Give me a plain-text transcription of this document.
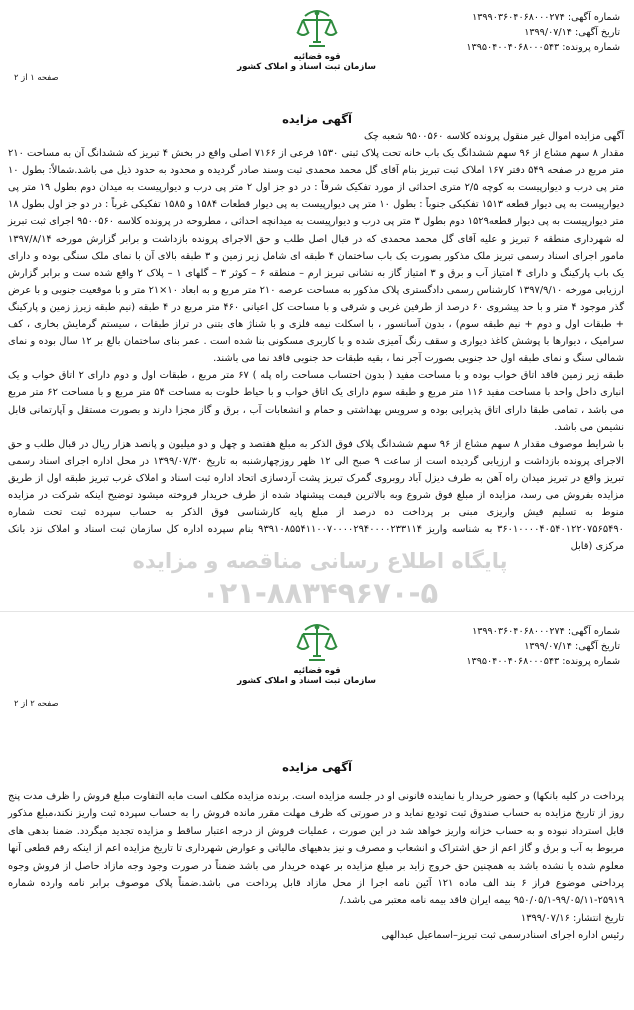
شماره آگهی: ۱۳۹۹۰۳۶۰۴۰۶۸۰۰۰۲۷۴
تاریخ آگهی: ۱۳۹۹/۰۷/۱۴
شماره پرونده: ۱۳۹۵۰۴۰۰۴۰۶۸۰۰۰۵۴۳
قوه قضائیه
سازمان ثبت اسناد و املاک کشور
صفحه ۱ از ۲
آگهی مزایده

آگهی مزایده اموال غیر منقول پرونده کلاسه ۹۵۰۰۵۶۰ شعبه چک

مقدار ۸ سهم مشاع از ۹۶ سهم ششدانگ یک باب خانه تحت پلاک ثبتی ۱۵۳۰ فرعی از ۷۱۶۶ اصلی واقع در بخش ۴ تبریز که ششدانگ آن به مساحت ۲۱۰ متر مربع در صفحه ۵۴۹ دفتر ۱۶۷ املاک ثبت تبریز بنام آقای گل محمد محمدی ثبت وسند صادر گردیده و محدود به حدود ذیل می باشد.شمالاً: بطول ۱۰ متر پی درب و دیوارپیست به کوچه ۲/۵ متری احداثی از مورد تفکیک شرقاً : در دو جز اول ۲ متر پی درب و دیوارپیست به میدان دوم بطول ۱۹ متر پی دیوارپیست به پی دیوار قطعه ۱۵۱۳ تفکیکی جنوباً : بطول ۱۰ متر پی دیوارپیست به پی دیوار قطعات ۱۵۸۴ و ۱۵۸۵ تفکیکی غرباً : در دو جز اول بطول ۱۸ متر دیوارپیست به پی دیوار قطعه۱۵۲۹ دوم بطول ۳ متر پی درب و دیوارپیست به میدانچه احداثی ، مطروحه در پرونده کلاسه ۹۵۰۰۵۶۰ اجرای ثبت تبریز له شهرداری منطقه ۶ تبریز و علیه آقای گل محمد محمدی که در قبال اصل طلب و حق الاجرای پرونده بازداشت و برابر گزارش مورخه ۱۳۹۷/۸/۱۴ مامور اجرای اسناد رسمی تبریز ملک مذکور بصورت یک باب ساختمان ۴ طبقه ای شامل زیر زمین و ۳ طبقه بالای آن با نمای ملک سنگی بوده و دارای یک باب پارکینگ و دارای ۴ امتیاز آب و برق و ۳ امتیاز گاز به نشانی تبریز ارم – منطقه ۶ – کوثر ۳ – گلهای ۱ – پلاک ۲ واقع شده ست و برابر گزارش ارزیابی مورخه ۱۳۹۷/۹/۱۰ کارشناس رسمی دادگستری پلاک مذکور به مساحت عرصه ۲۱۰ متر مربع و به ابعاد ۱۰×۲۱ متر و با موقعیت جنوبی و با عرض گذر موجود ۴ متر و با حد پیشروی ۶۰ درصد از طرفین غربی و شرقی و با مساحت کل اعیانی ۴۶۰ متر مربع در ۴ طبقه (نیم طبقه زیرز زمین و پارکینگ + طبقات اول و دوم + نیم طبقه سوم) ، بدون آسانسور ، با اسکلت نیمه فلزی و با شناژ های بتنی در تراز طبقات ، سیستم گرمایش بخاری ، کف سرامیک ، دیوارها با پوشش کاغذ دیواری و سقف رنگ آمیزی شده و با کاربری مسکونی بنا شده است . عمر بنای ساختمان بالغ بر ۱۲ سال بوده و نمای شمالی سنگ و نمای طبقه اول حد جنوبی بصورت آجر نما ، بقیه طبقات حد جنوبی فاقد نما می باشند.

طبقه زیر زمین فاقد اتاق خواب بوده و با مساحت مفید ( بدون احتساب مساحت راه پله ) ۶۷ متر مربع ، طبقات اول و دوم دارای ۲ اتاق خواب و یک انباری داخل واحد با مساحت مفید ۱۱۶ متر مربع و طبقه سوم دارای یک اتاق خواب و با حیاط خلوت به مساحت ۵۴ متر مربع و با مساحت ۶۲ متر مربع می باشد ، تمامی طبقا دارای اتاق پذیرایی بوده و سرویس بهداشتی و حمام و انشعابات آب ، برق و گاز مجزا دارند و بصورت مستقل و آپارتمانی قابل نشیمن می باشد.

با شرایط موصوف مقدار ۸ سهم مشاع از ۹۶ سهم ششدانگ پلاک فوق الذکر به مبلغ هفتصد و چهل و دو میلیون و پانصد هزار ریال در قبال طلب و حق الاجرای پرونده بازداشت و ارزیابی گردیده است از ساعت ۹ صبح الی ۱۲ ظهر روزچهارشنبه به تاریخ ۱۳۹۹/۰۷/۳۰ در محل اداره اجرای اسناد رسمی تبریز واقع در تبریز میدان راه آهن به طرف دیزل آباد روبروی گمرک تبریز پشت آردسازی اتحاد اداره ثبت اسناد و املاک غرب تبریز طبقه اول از طریق مزایده بفروش می رسد، مزایده از مبلغ فوق شروع وبه بالاترین قیمت پیشنهاد شده از طرف خریدار فروخته میشود توضیح اینکه شرکت در مزایده منوط به تسلیم فیش واریزی مبنی بر پرداخت ده درصد از مبلغ پایه کارشناسی فوق الذکر به حساب سپرده ثبت تحت شماره ۳۶۰۱۰۰۰۰۴۰۵۴۰۱۲۲۰۷۵۶۵۴۹۰ به شناسه واریز ۹۳۹۱۰۸۵۵۴۱۱۰۰۷۰۰۰۰۲۹۴۰۰۰۰۲۳۳۱۱۴ بنام سپرده اداره کل سازمان ثبت اسناد و املاک نزد بانک مرکزی (قابل

پایگاه اطلاع رسانی مناقصه و مزایده
۰۲۱-۸۸۳۴۹۶۷۰-۵
شماره آگهی: ۱۳۹۹۰۳۶۰۴۰۶۸۰۰۰۲۷۴
تاریخ آگهی: ۱۳۹۹/۰۷/۱۴
شماره پرونده: ۱۳۹۵۰۴۰۰۴۰۶۸۰۰۰۵۴۳
قوه قضائیه
سازمان ثبت اسناد و املاک کشور
صفحه ۲ از ۲
آگهی مزایده

پرداخت در کلیه بانکها) و حضور خریدار یا نماینده قانونی او در جلسه مزایده است. برنده مزایده مکلف است مابه التفاوت مبلغ فروش را ظرف مدت پنج روز از تاریخ مزایده به حساب صندوق ثبت تودیع نماید و در صورتی که ظرف مهلت مقرر مانده فروش را به حساب سپرده ثبت واریز نکند،مبلغ مذکور قابل استرداد نبوده و به حساب خزانه واریز خواهد شد در این صورت ، عملیات فروش از درجه اعتبار ساقط و مزایده تجدید میگردد. ضمنا بدهی های مربوط به آب و برق و گاز اعم از حق اشتراک و انشعاب و مصرف و نیز بدهیهای مالیاتی و عوارض شهرداری تا تاریخ مزایده اعم از اینکه رقم قطعی آنها معلوم شده یا نشده باشد به همچنین حق خروج زاید بر مبلغ مزایده بر عهده خریدار می باشد ضمناً در صورت وجود وجه مازاد حاصل از فروش وجوه پرداختی موضوع فراز ۶ بند الف ماده ۱۲۱ آئین نامه اجرا از محل مازاد قابل پرداخت می باشد.ضمناً پلاک موصوف برابر نامه وارده شماره ۲۵۹۱۹-۹۹/۰۵/۱۱-۹۵۰/۰۵/۱ بیمه ایران فاقد بیمه نامه معتبر می باشد./

تاریخ انتشار: ۱۳۹۹/۰۷/۱۶

رئیس اداره اجرای اسنادرسمی ثبت تبریز–اسماعیل عبدالهی
